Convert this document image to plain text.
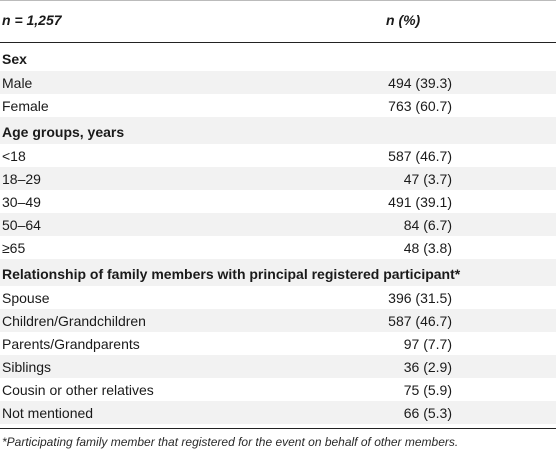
n = 1,257	n (%)
Sex
Male	494 (39.3)
Female	763 (60.7)
Age groups, years
<18	587 (46.7)
18–29	47 (3.7)
30–49	491 (39.1)
50–64	84 (6.7)
≥65	48 (3.8)
Relationship of family members with principal registered participant*
Spouse	396 (31.5)
Children/Grandchildren	587 (46.7)
Parents/Grandparents	97 (7.7)
Siblings	36 (2.9)
Cousin or other relatives	75 (5.9)
Not mentioned	66 (5.3)
*Participating family member that registered for the event on behalf of other members.
